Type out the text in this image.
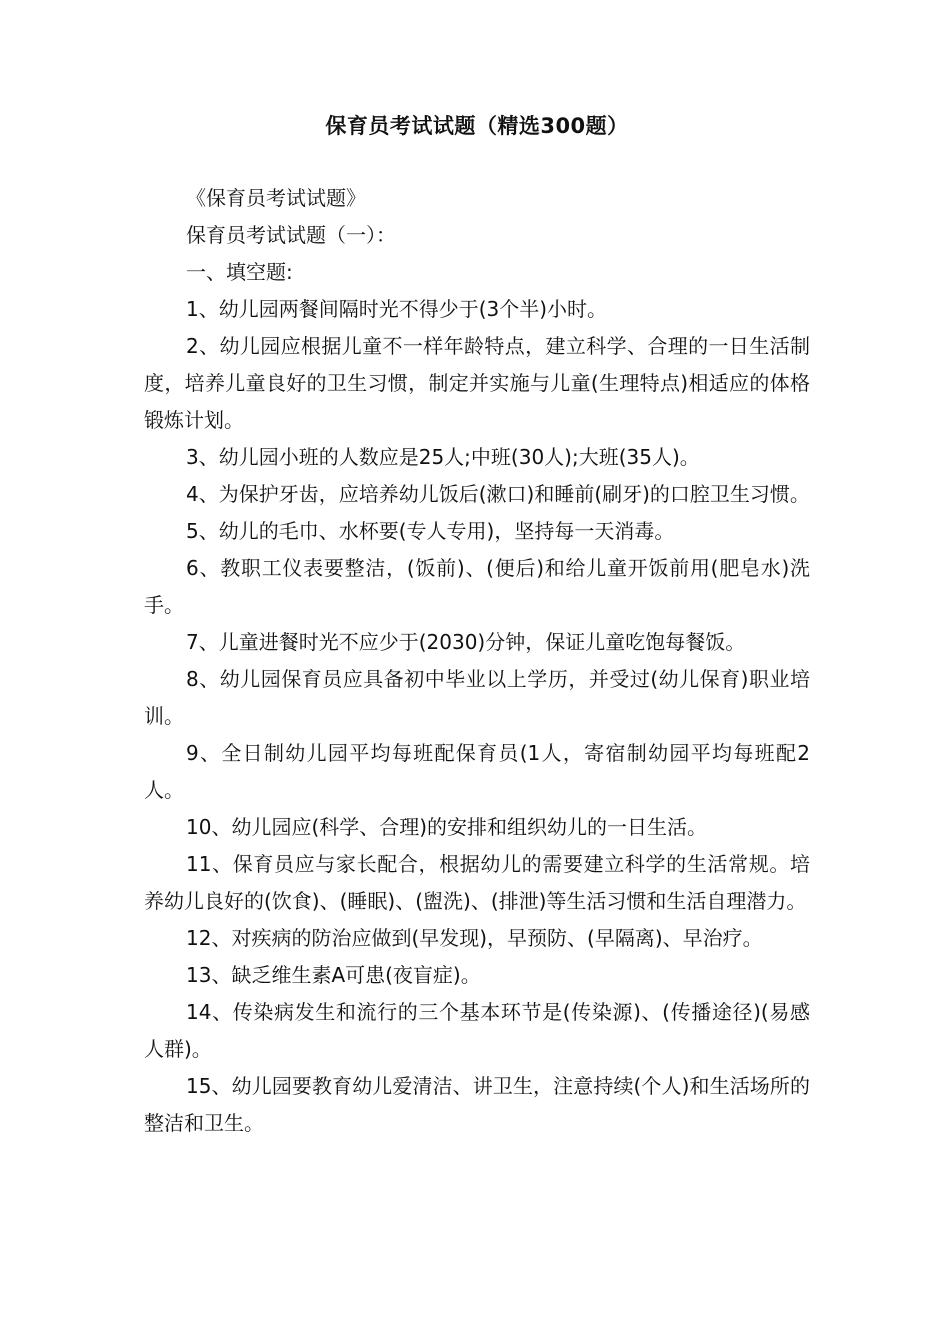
保育员考试试题（精选300题）

《保育员考试试题》

保育员考试试题（一）：

一、填空题:

1、幼儿园两餐间隔时光不得少于(3个半)小时。

2、幼儿园应根据儿童不一样年龄特点，建立科学、合理的一日生活制度，培养儿童良好的卫生习惯，制定并实施与儿童(生理特点)相适应的体格锻炼计划。

3、幼儿园小班的人数应是25人;中班(30人);大班(35人)。

4、为保护牙齿，应培养幼儿饭后(漱口)和睡前(刷牙)的口腔卫生习惯。

5、幼儿的毛巾、水杯要(专人专用)，坚持每一天消毒。

6、教职工仪表要整洁，(饭前)、(便后)和给儿童开饭前用(肥皂水)洗手。

7、儿童进餐时光不应少于(2030)分钟，保证儿童吃饱每餐饭。

8、幼儿园保育员应具备初中毕业以上学历，并受过(幼儿保育)职业培训。

9、全日制幼儿园平均每班配保育员(1人，寄宿制幼园平均每班配2人。

10、幼儿园应(科学、合理)的安排和组织幼儿的一日生活。

11、保育员应与家长配合，根据幼儿的需要建立科学的生活常规。培养幼儿良好的(饮食)、(睡眠)、(盥洗)、(排泄)等生活习惯和生活自理潜力。

12、对疾病的防治应做到(早发现)，早预防、(早隔离)、早治疗。

13、缺乏维生素A可患(夜盲症)。

14、传染病发生和流行的三个基本环节是(传染源)、(传播途径)(易感人群)。

15、幼儿园要教育幼儿爱清洁、讲卫生，注意持续(个人)和生活场所的整洁和卫生。
